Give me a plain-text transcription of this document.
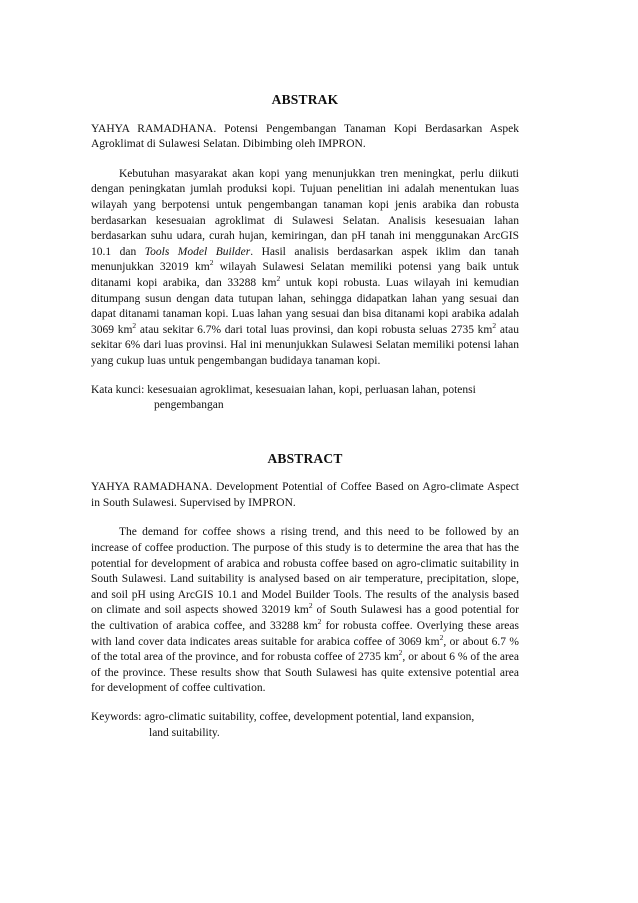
ABSTRAK

YAHYA RAMADHANA. Potensi Pengembangan Tanaman Kopi Berdasarkan Aspek Agroklimat di Sulawesi Selatan. Dibimbing oleh IMPRON.

Kebutuhan masyarakat akan kopi yang menunjukkan tren meningkat, perlu diikuti dengan peningkatan jumlah produksi kopi. Tujuan penelitian ini adalah menentukan luas wilayah yang berpotensi untuk pengembangan tanaman kopi jenis arabika dan robusta berdasarkan kesesuaian agroklimat di Sulawesi Selatan. Analisis kesesuaian lahan berdasarkan suhu udara, curah hujan, kemiringan, dan pH tanah ini menggunakan ArcGIS 10.1 dan Tools Model Builder. Hasil analisis berdasarkan aspek iklim dan tanah menunjukkan 32019 $km^2$ wilayah Sulawesi Selatan memiliki potensi yang baik untuk ditanami kopi arabika, dan 33288 $km^2$ untuk kopi robusta. Luas wilayah ini kemudian ditumpang susun dengan data tutupan lahan, sehingga didapatkan lahan yang sesuai dan dapat ditanami tanaman kopi. Luas lahan yang sesuai dan bisa ditanami kopi arabika adalah 3069 $km^2$ atau sekitar 6.7% dari total luas provinsi, dan kopi robusta seluas 2735 $km^2$ atau sekitar 6% dari luas provinsi. Hal ini menunjukkan Sulawesi Selatan memiliki potensi lahan yang cukup luas untuk pengembangan budidaya tanaman kopi.

Kata kunci: kesesuaian agroklimat, kesesuaian lahan, kopi, perluasan lahan, potensi
pengembangan
ABSTRACT

YAHYA RAMADHANA. Development Potential of Coffee Based on Agro-climate Aspect in South Sulawesi. Supervised by IMPRON.

The demand for coffee shows a rising trend, and this need to be followed by an increase of coffee production. The purpose of this study is to determine the area that has the potential for development of arabica and robusta coffee based on agro-climatic suitability in South Sulawesi. Land suitability is analysed based on air temperature, precipitation, slope, and soil pH using ArcGIS 10.1 and Model Builder Tools. The results of the analysis based on climate and soil aspects showed 32019 $km^2$ of South Sulawesi has a good potential for the cultivation of arabica coffee, and 33288 $km^2$ for robusta coffee. Overlying these areas with land cover data indicates areas suitable for arabica coffee of 3069 $km^2$, or about 6.7 % of the total area of the province, and for robusta coffee of 2735 $km^2$, or about 6 % of the area of the province. These results show that South Sulawesi has quite extensive potential area for development of coffee cultivation.

Keywords: agro-climatic suitability, coffee, development potential, land expansion,
land suitability.
